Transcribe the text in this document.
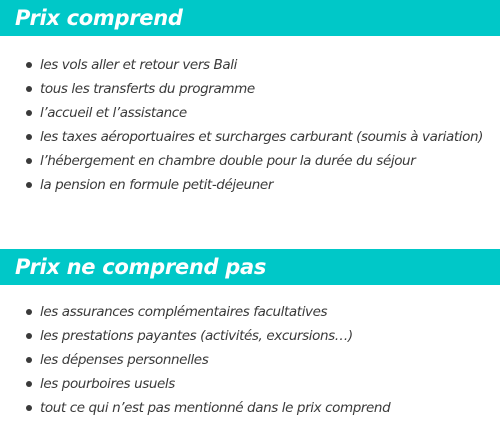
Prix comprend
les vols aller et retour vers Bali
tous les transferts du programme
l’accueil et l’assistance
les taxes aéroportuaires et surcharges carburant (soumis à variation)
l’hébergement en chambre double pour la durée du séjour
la pension en formule petit-déjeuner
Prix ne comprend pas
les assurances complémentaires facultatives
les prestations payantes (activités, excursions…)
les dépenses personnelles
les pourboires usuels
tout ce qui n’est pas mentionné dans le prix comprend
